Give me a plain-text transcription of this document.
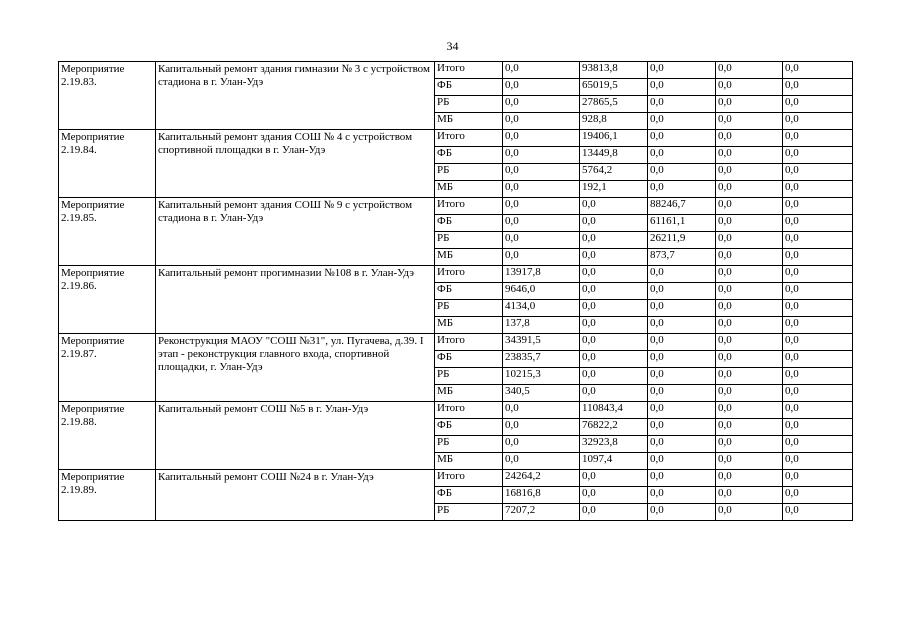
34
Мероприятие 2.19.83.	Капитальный ремонт здания гимназии № 3 с устройством стадиона в г. Улан-Удэ	Итого	0,0	93813,8	0,0	0,0	0,0
		ФБ	0,0	65019,5	0,0	0,0	0,0
		РБ	0,0	27865,5	0,0	0,0	0,0
		МБ	0,0	928,8	0,0	0,0	0,0
Мероприятие 2.19.84.	Капитальный ремонт здания СОШ № 4 с устройством спортивной площадки в г. Улан-Удэ	Итого	0,0	19406,1	0,0	0,0	0,0
		ФБ	0,0	13449,8	0,0	0,0	0,0
		РБ	0,0	5764,2	0,0	0,0	0,0
		МБ	0,0	192,1	0,0	0,0	0,0
Мероприятие 2.19.85.	Капитальный ремонт здания СОШ № 9 с устройством стадиона в г. Улан-Удэ	Итого	0,0	0,0	88246,7	0,0	0,0
		ФБ	0,0	0,0	61161,1	0,0	0,0
		РБ	0,0	0,0	26211,9	0,0	0,0
		МБ	0,0	0,0	873,7	0,0	0,0
Мероприятие 2.19.86.	Капитальный ремонт прогимназии №108 в г. Улан-Удэ	Итого	13917,8	0,0	0,0	0,0	0,0
		ФБ	9646,0	0,0	0,0	0,0	0,0
		РБ	4134,0	0,0	0,0	0,0	0,0
		МБ	137,8	0,0	0,0	0,0	0,0
Мероприятие 2.19.87.	Реконструкция МАОУ "СОШ №31", ул. Пугачева, д.39. I этап - реконструкция главного входа, спортивной площадки, г. Улан-Удэ	Итого	34391,5	0,0	0,0	0,0	0,0
		ФБ	23835,7	0,0	0,0	0,0	0,0
		РБ	10215,3	0,0	0,0	0,0	0,0
		МБ	340,5	0,0	0,0	0,0	0,0
Мероприятие 2.19.88.	Капитальный ремонт СОШ №5 в г. Улан-Удэ	Итого	0,0	110843,4	0,0	0,0	0,0
		ФБ	0,0	76822,2	0,0	0,0	0,0
		РБ	0,0	32923,8	0,0	0,0	0,0
		МБ	0,0	1097,4	0,0	0,0	0,0
Мероприятие 2.19.89.	Капитальный ремонт СОШ №24 в г. Улан-Удэ	Итого	24264,2	0,0	0,0	0,0	0,0
		ФБ	16816,8	0,0	0,0	0,0	0,0
		РБ	7207,2	0,0	0,0	0,0	0,0
